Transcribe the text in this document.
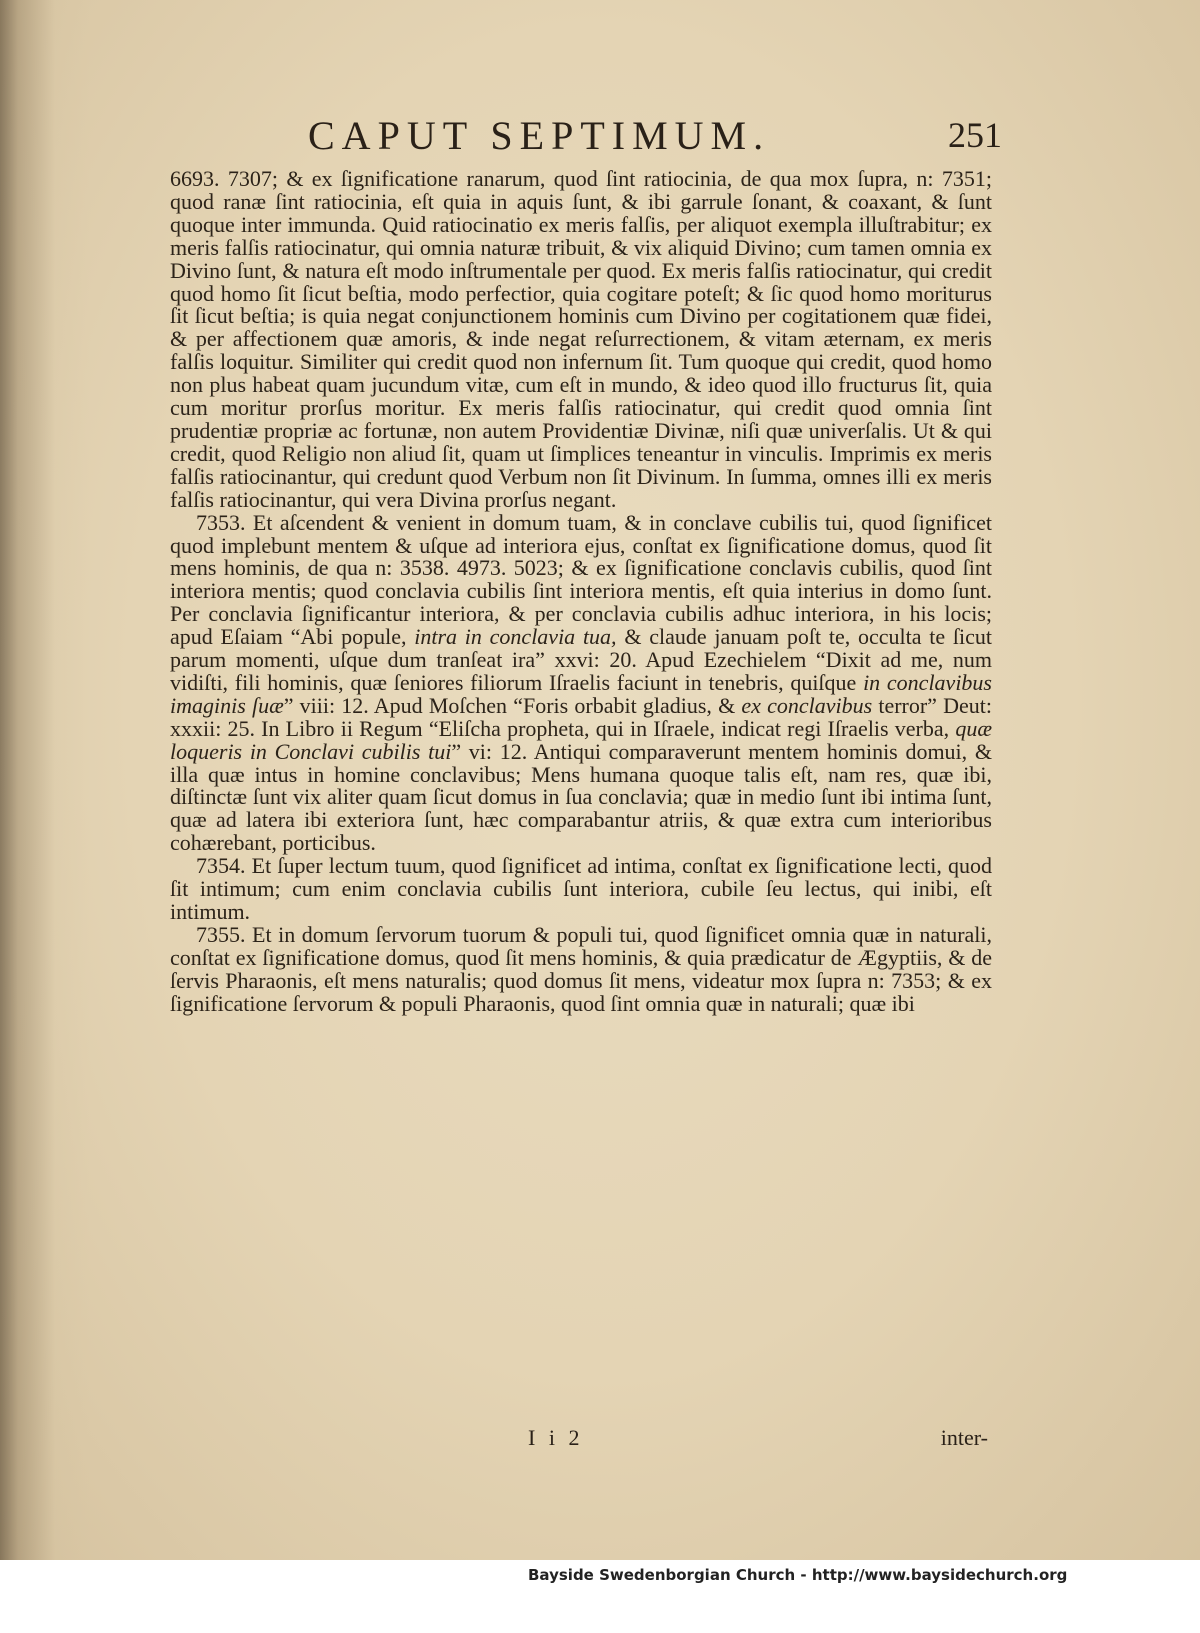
CAPUT SEPTIMUM.	251

6693. 7307; & ex ſignificatione ranarum, quod ſint ratiocinia, de qua mox ſupra, n: 7351; quod ranæ ſint ratiocinia, eſt quia in aquis ſunt, & ibi garrule ſonant, & coaxant, & ſunt quoque inter immunda. Quid ratiocinatio ex meris falſis, per aliquot exempla illuſtrabitur; ex meris falſis ratiocinatur, qui omnia naturæ tribuit, & vix aliquid Divino; cum tamen omnia ex Divino ſunt, & natura eſt modo inſtrumentale per quod. Ex meris falſis ratiocinatur, qui credit quod homo ſit ſicut beſtia, modo perfectior, quia cogitare poteſt; & ſic quod homo moriturus ſit ſicut beſtia; is quia negat conjunctionem hominis cum Divino per cogitationem quæ fidei, & per affectionem quæ amoris, & inde negat reſurrectionem, & vitam æternam, ex meris falſis loquitur. Similiter qui credit quod non infernum ſit. Tum quoque qui credit, quod homo non plus habeat quam jucundum vitæ, cum eſt in mundo, & ideo quod illo fructurus ſit, quia cum moritur prorſus moritur. Ex meris falſis ratiocinatur, qui credit quod omnia ſint prudentiæ propriæ ac fortunæ, non autem Providentiæ Divinæ, niſi quæ univerſalis. Ut & qui credit, quod Religio non aliud ſit, quam ut ſimplices teneantur in vinculis. Imprimis ex meris falſis ratiocinantur, qui credunt quod Verbum non ſit Divinum. In ſumma, omnes illi ex meris falſis ratiocinantur, qui vera Divina prorſus negant.

7353. Et aſcendent & venient in domum tuam, & in conclave cubilis tui, quod ſignificet quod implebunt mentem & uſque ad interiora ejus, conſtat ex ſignificatione domus, quod ſit mens hominis, de qua n: 3538. 4973. 5023; & ex ſignificatione conclavis cubilis, quod ſint interiora mentis; quod conclavia cubilis ſint interiora mentis, eſt quia interius in domo ſunt. Per conclavia ſignificantur interiora, & per conclavia cubilis adhuc interiora, in his locis; apud Eſaiam “Abi popule, intra in conclavia tua, & claude januam poſt te, occulta te ſicut parum momenti, uſque dum tranſeat ira” xxvi: 20. Apud Ezechielem “Dixit ad me, num vidiſti, fili hominis, quæ ſeniores filiorum Iſraelis faciunt in tenebris, quiſque in conclavibus imaginis ſuæ” viii: 12. Apud Moſchen “Foris orbabit gladius, & ex conclavibus terror” Deut: xxxii: 25. In Libro ii Regum “Eliſcha propheta, qui in Iſraele, indicat regi Iſraelis verba, quæ loqueris in Conclavi cubilis tui” vi: 12. Antiqui comparaverunt mentem hominis domui, & illa quæ intus in homine conclavibus; Mens humana quoque talis eſt, nam res, quæ ibi, diſtinctæ ſunt vix aliter quam ſicut domus in ſua conclavia; quæ in medio ſunt ibi intima ſunt, quæ ad latera ibi exteriora ſunt, hæc comparabantur atriis, & quæ extra cum interioribus cohærebant, porticibus.

7354. Et ſuper lectum tuum, quod ſignificet ad intima, conſtat ex ſignificatione lecti, quod ſit intimum; cum enim conclavia cubilis ſunt interiora, cubile ſeu lectus, qui inibi, eſt intimum.

7355. Et in domum ſervorum tuorum & populi tui, quod ſignificet omnia quæ in naturali, conſtat ex ſignificatione domus, quod ſit mens hominis, & quia prædicatur de Ægyptiis, & de ſervis Pharaonis, eſt mens naturalis; quod domus ſit mens, videatur mox ſupra n: 7353; & ex ſignificatione ſervorum & populi Pharaonis, quod ſint omnia quæ in naturali; quæ ibi

I i 2	inter-
Bayside Swedenborgian Church - http://www.baysidechurch.org
